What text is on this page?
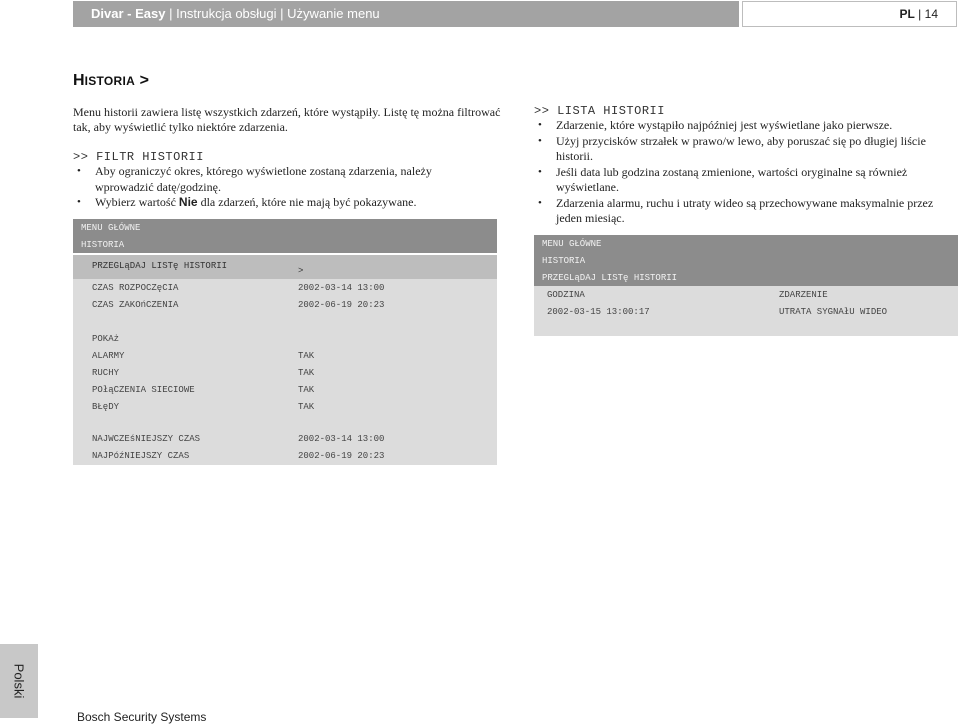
Divar - Easy | Instrukcja obsługi | Używanie menu	PL | 14
HISTORIA >
Menu historii zawiera listę wszystkich zdarzeń, które wystąpiły. Listę tę można filtrować tak, aby wyświetlić tylko niektóre zdarzenia.
>> FILTR HISTORII
• Aby ograniczyć okres, którego wyświetlone zostaną zdarzenia, należy wprowadzić datę/godzinę.
• Wybierz wartość Nie dla zdarzeń, które nie mają być pokazywane.
MENU GŁÓWNE
HISTORIA
PRZEGLąDAJ LISTę HISTORII	>
CZAS ROZPOCZęCIA	2002-03-14 13:00
CZAS ZAKOńCZENIA	2002-06-19 20:23
POKAż
ALARMY	TAK
RUCHY	TAK
POłąCZENIA SIECIOWE	TAK
BŁęDY	TAK
NAJWCZEśNIEJSZY CZAS	2002-03-14 13:00
NAJPóźNIEJSZY CZAS	2002-06-19 20:23
>> LISTA HISTORII
• Zdarzenie, które wystąpiło najpóźniej jest wyświetlane jako pierwsze.
• Użyj przycisków strzałek w prawo/w lewo, aby poruszać się po długiej liście historii.
• Jeśli data lub godzina zostaną zmienione, wartości oryginalne są również wyświetlane.
• Zdarzenia alarmu, ruchu i utraty wideo są przechowywane maksymalnie przez jeden miesiąc.
MENU GŁÓWNE
HISTORIA
PRZEGLąDAJ LISTę HISTORII
GODZINA	ZDARZENIE
2002-03-15 13:00:17	UTRATA SYGNAłU WIDEO
Polski
Bosch Security Systems
